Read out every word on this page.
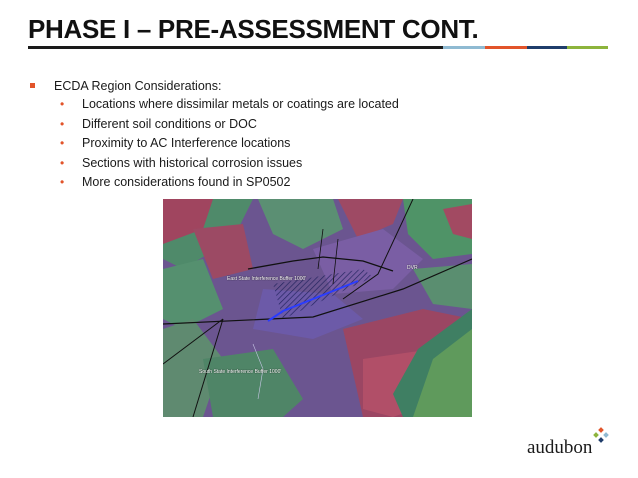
PHASE I – PRE-ASSESSMENT CONT.
ECDA Region Considerations:
• Locations where dissimilar metals or coatings are located
• Different soil conditions or DOC
• Proximity to AC Interference locations
• Sections with historical corrosion issues
• More considerations found in SP0502
East State Interference Buffer 1000'
South State Interference Buffer 1000'
DVR
audubon
